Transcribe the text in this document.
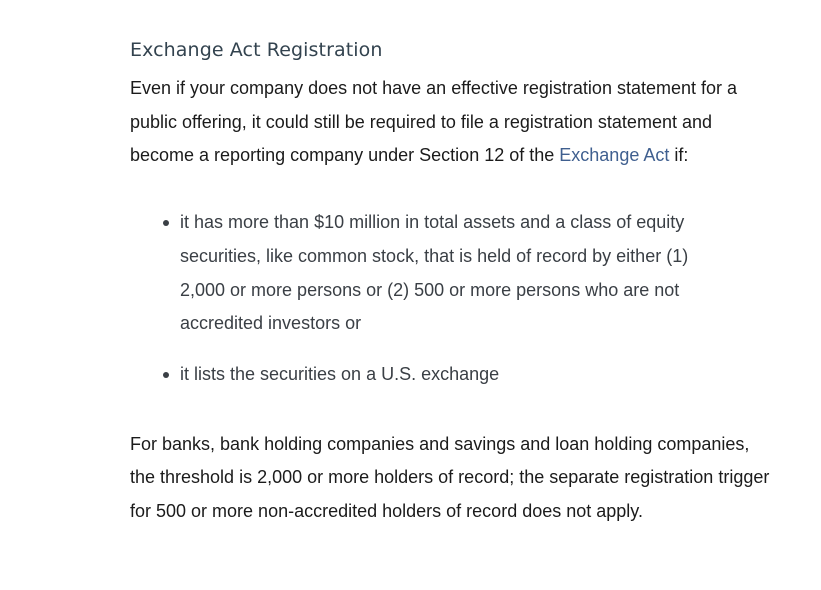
Exchange Act Registration

Even if your company does not have an effective registration statement for a public offering, it could still be required to file a registration statement and become a reporting company under Section 12 of the Exchange Act if:

it has more than $10 million in total assets and a class of equity securities, like common stock, that is held of record by either (1) 2,000 or more persons or (2) 500 or more persons who are not accredited investors or
it lists the securities on a U.S. exchange

For banks, bank holding companies and savings and loan holding companies, the threshold is 2,000 or more holders of record; the separate registration trigger for 500 or more non-accredited holders of record does not apply.
